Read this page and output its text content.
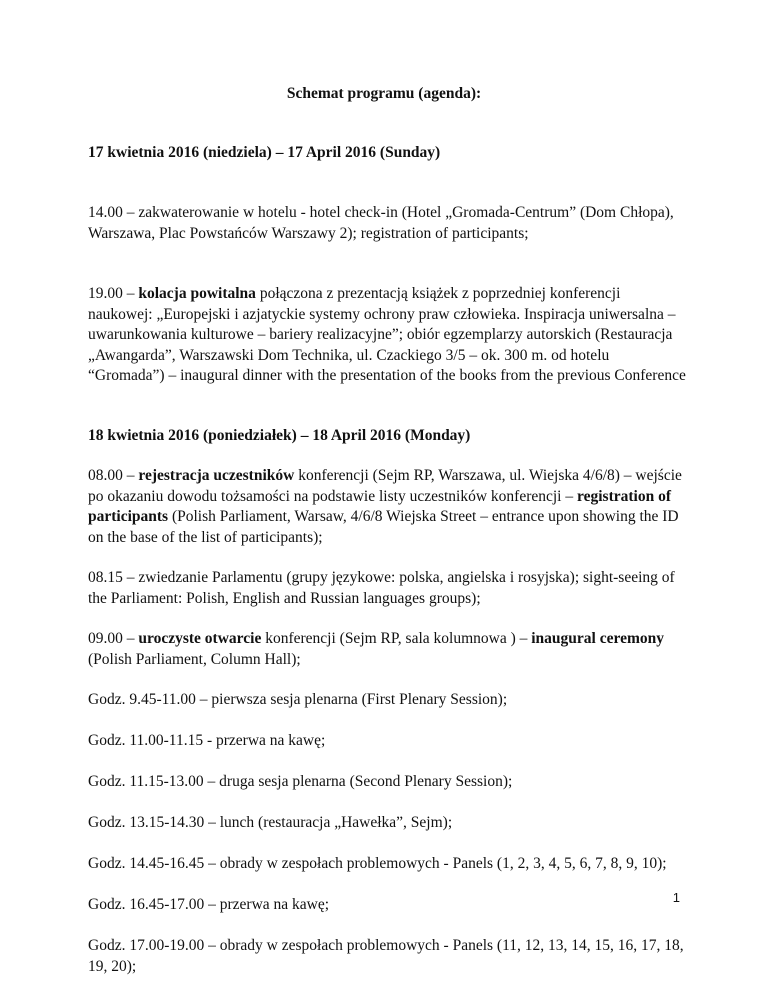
Schemat programu (agenda):

17 kwietnia 2016 (niedziela) – 17 April 2016 (Sunday)

14.00 – zakwaterowanie w hotelu - hotel check-in (Hotel „Gromada-Centrum” (Dom Chłopa), Warszawa, Plac Powstańców Warszawy 2); registration of participants;

19.00 – kolacja powitalna połączona z prezentacją książek z poprzedniej konferencji naukowej: „Europejski i azjatyckie systemy ochrony praw człowieka. Inspiracja uniwersalna – uwarunkowania kulturowe – bariery realizacyjne”; obiór egzemplarzy autorskich (Restauracja „Awangarda”, Warszawski Dom Technika, ul. Czackiego 3/5 – ok. 300 m. od hotelu “Gromada”) – inaugural dinner with the presentation of the books from the previous Conference

18 kwietnia 2016 (poniedziałek) – 18 April 2016 (Monday)

08.00 – rejestracja uczestników konferencji (Sejm RP, Warszawa, ul. Wiejska 4/6/8) – wejście po okazaniu dowodu tożsamości na podstawie listy uczestników konferencji – registration of participants (Polish Parliament, Warsaw, 4/6/8 Wiejska Street – entrance upon showing the ID on the base of the list of participants);

08.15 – zwiedzanie Parlamentu (grupy językowe: polska, angielska i rosyjska); sight-seeing of the Parliament: Polish, English and Russian languages groups);

09.00 – uroczyste otwarcie konferencji (Sejm RP, sala kolumnowa ) – inaugural ceremony (Polish Parliament, Column Hall);

Godz. 9.45-11.00 – pierwsza sesja plenarna (First Plenary Session);

Godz. 11.00-11.15 - przerwa na kawę;

Godz. 11.15-13.00 – druga sesja plenarna (Second Plenary Session);

Godz. 13.15-14.30 – lunch (restauracja „Hawełka”, Sejm);

Godz. 14.45-16.45 – obrady w zespołach problemowych - Panels (1, 2, 3, 4, 5, 6, 7, 8, 9, 10);

Godz. 16.45-17.00 – przerwa na kawę;

Godz. 17.00-19.00 – obrady w zespołach problemowych - Panels (11, 12, 13, 14, 15, 16, 17, 18, 19, 20);

1
